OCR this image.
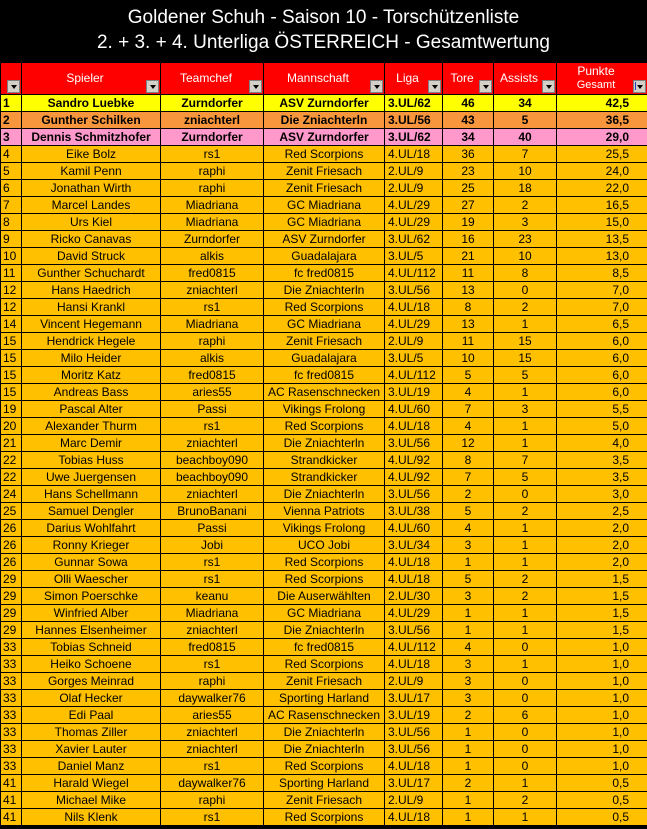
Goldener Schuh - Saison 10 - Torschützenliste
2. + 3. + 4. Unterliga ÖSTERREICH - Gesamtwertung

	Spieler	Teamchef	Mannschaft	Liga	Tore	Assists	Punkte
Gesamt

1	Sandro Luebke	Zurndorfer	ASV Zurndorfer	3.UL/62	46	34	42,5
2	Gunther Schilken	zniachterl	Die Zniachterln	3.UL/56	43	5	36,5
3	Dennis Schmitzhofer	Zurndorfer	ASV Zurndorfer	3.UL/62	34	40	29,0
4	Eike Bolz	rs1	Red Scorpions	4.UL/18	36	7	25,5
5	Kamil Penn	raphi	Zenit Friesach	2.UL/9	23	10	24,0
6	Jonathan Wirth	raphi	Zenit Friesach	2.UL/9	25	18	22,0
7	Marcel Landes	Miadriana	GC Miadriana	4.UL/29	27	2	16,5
8	Urs Kiel	Miadriana	GC Miadriana	4.UL/29	19	3	15,0
9	Ricko Canavas	Zurndorfer	ASV Zurndorfer	3.UL/62	16	23	13,5
10	David Struck	alkis	Guadalajara	3.UL/5	21	10	13,0
11	Gunther Schuchardt	fred0815	fc fred0815	4.UL/112	11	8	8,5
12	Hans Haedrich	zniachterl	Die Zniachterln	3.UL/56	13	0	7,0
12	Hansi Krankl	rs1	Red Scorpions	4.UL/18	8	2	7,0
14	Vincent Hegemann	Miadriana	GC Miadriana	4.UL/29	13	1	6,5
15	Hendrick Hegele	raphi	Zenit Friesach	2.UL/9	11	15	6,0
15	Milo Heider	alkis	Guadalajara	3.UL/5	10	15	6,0
15	Moritz Katz	fred0815	fc fred0815	4.UL/112	5	5	6,0
15	Andreas Bass	aries55	AC Rasenschnecken	3.UL/19	4	1	6,0
19	Pascal Alter	Passi	Vikings Frolong	4.UL/60	7	3	5,5
20	Alexander Thurm	rs1	Red Scorpions	4.UL/18	4	1	5,0
21	Marc Demir	zniachterl	Die Zniachterln	3.UL/56	12	1	4,0
22	Tobias Huss	beachboy090	Strandkicker	4.UL/92	8	7	3,5
22	Uwe Juergensen	beachboy090	Strandkicker	4.UL/92	7	5	3,5
24	Hans Schellmann	zniachterl	Die Zniachterln	3.UL/56	2	0	3,0
25	Samuel Dengler	BrunoBanani	Vienna Patriots	3.UL/38	5	2	2,5
26	Darius Wohlfahrt	Passi	Vikings Frolong	4.UL/60	4	1	2,0
26	Ronny Krieger	Jobi	UCO Jobi	3.UL/34	3	1	2,0
26	Gunnar Sowa	rs1	Red Scorpions	4.UL/18	1	1	2,0
29	Olli Waescher	rs1	Red Scorpions	4.UL/18	5	2	1,5
29	Simon Poerschke	keanu	Die Auserwählten	2.UL/30	3	2	1,5
29	Winfried Alber	Miadriana	GC Miadriana	4.UL/29	1	1	1,5
29	Hannes Elsenheimer	zniachterl	Die Zniachterln	3.UL/56	1	1	1,5
33	Tobias Schneid	fred0815	fc fred0815	4.UL/112	4	0	1,0
33	Heiko Schoene	rs1	Red Scorpions	4.UL/18	3	1	1,0
33	Gorges Meinrad	raphi	Zenit Friesach	2.UL/9	3	0	1,0
33	Olaf Hecker	daywalker76	Sporting Harland	3.UL/17	3	0	1,0
33	Edi Paal	aries55	AC Rasenschnecken	3.UL/19	2	6	1,0
33	Thomas Ziller	zniachterl	Die Zniachterln	3.UL/56	1	0	1,0
33	Xavier Lauter	zniachterl	Die Zniachterln	3.UL/56	1	0	1,0
33	Daniel Manz	rs1	Red Scorpions	4.UL/18	1	0	1,0
41	Harald Wiegel	daywalker76	Sporting Harland	3.UL/17	2	1	0,5
41	Michael Mike	raphi	Zenit Friesach	2.UL/9	1	2	0,5
41	Nils Klenk	rs1	Red Scorpions	4.UL/18	1	1	0,5
